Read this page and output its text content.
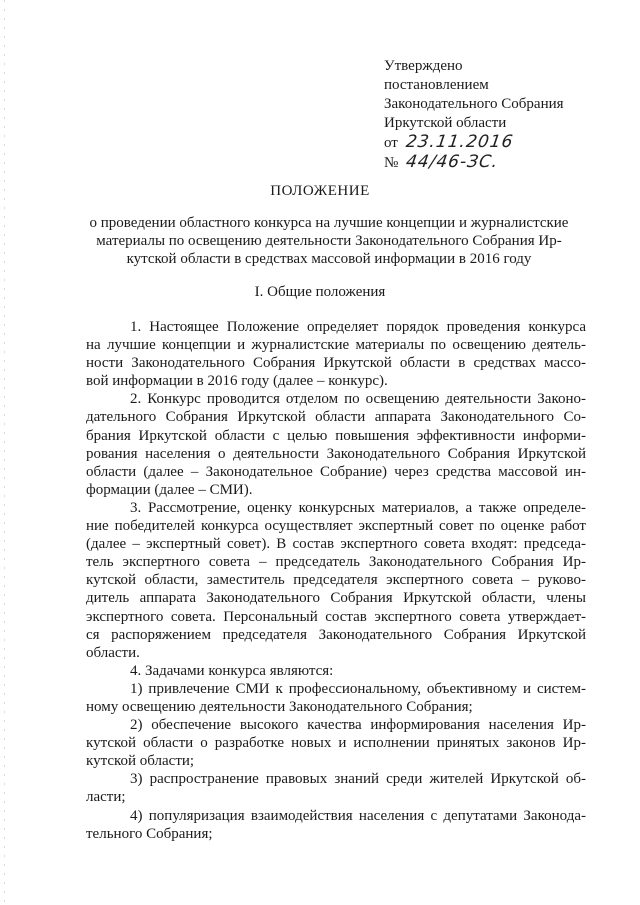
Утверждено
постановлением
Законодательного Собрания
Иркутской области
от 23.11.2016
№ 44/46-ЗС.
ПОЛОЖЕНИЕ
о проведении областного конкурса на лучшие концепции и журналистские
материалы по освещению деятельности Законодательного Собрания Ир-
кутской области в средствах массовой информации в 2016 году
I. Общие положения

1. Настоящее Положение определяет порядок проведения конкурса
на лучшие концепции и журналистские материалы по освещению деятель-
ности Законодательного Собрания Иркутской области в средствах массо-
вой информации в 2016 году (далее – конкурс).

2. Конкурс проводится отделом по освещению деятельности Законо-
дательного Собрания Иркутской области аппарата Законодательного Со-
брания Иркутской области с целью повышения эффективности информи-
рования населения о деятельности Законодательного Собрания Иркутской
области (далее – Законодательное Собрание) через средства массовой ин-
формации (далее – СМИ).

3. Рассмотрение, оценку конкурсных материалов, а также определе-
ние победителей конкурса осуществляет экспертный совет по оценке работ
(далее – экспертный совет). В состав экспертного совета входят: председа-
тель экспертного совета – председатель Законодательного Собрания Ир-
кутской области, заместитель председателя экспертного совета – руково-
дитель аппарата Законодательного Собрания Иркутской области, члены
экспертного совета. Персональный состав экспертного совета утверждает-
ся распоряжением председателя Законодательного Собрания Иркутской
области.

4. Задачами конкурса являются:

1) привлечение СМИ к профессиональному, объективному и систем-
ному освещению деятельности Законодательного Собрания;

2) обеспечение высокого качества информирования населения Ир-
кутской области о разработке новых и исполнении принятых законов Ир-
кутской области;

3) распространение правовых знаний среди жителей Иркутской об-
ласти;

4) популяризация взаимодействия населения с депутатами Законода-
тельного Собрания;
